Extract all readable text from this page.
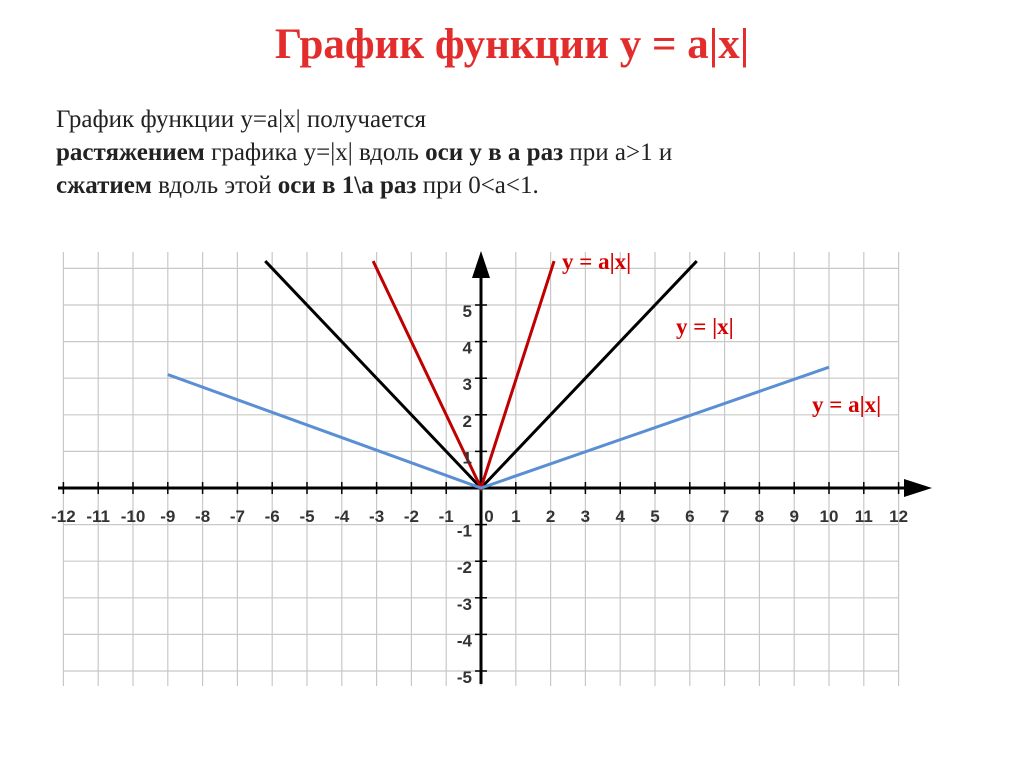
График функции у = а|х|

График функции у=а|х| получается
растяжением графика у=|х| вдоль оси у в а раз при а>1 и
сжатием вдоль этой оси в 1\а раз при 0<а<1.

-12 -11 -10 -9 -8 -7 -6 -5 -4 -3 -2 -1 0 1 2 3 4 5 6 7 8 9 10 11 12
-5
-4
-3
-2
-1
1
2
3
4
5
у = а|х|
у = |х|
у = а|х|
